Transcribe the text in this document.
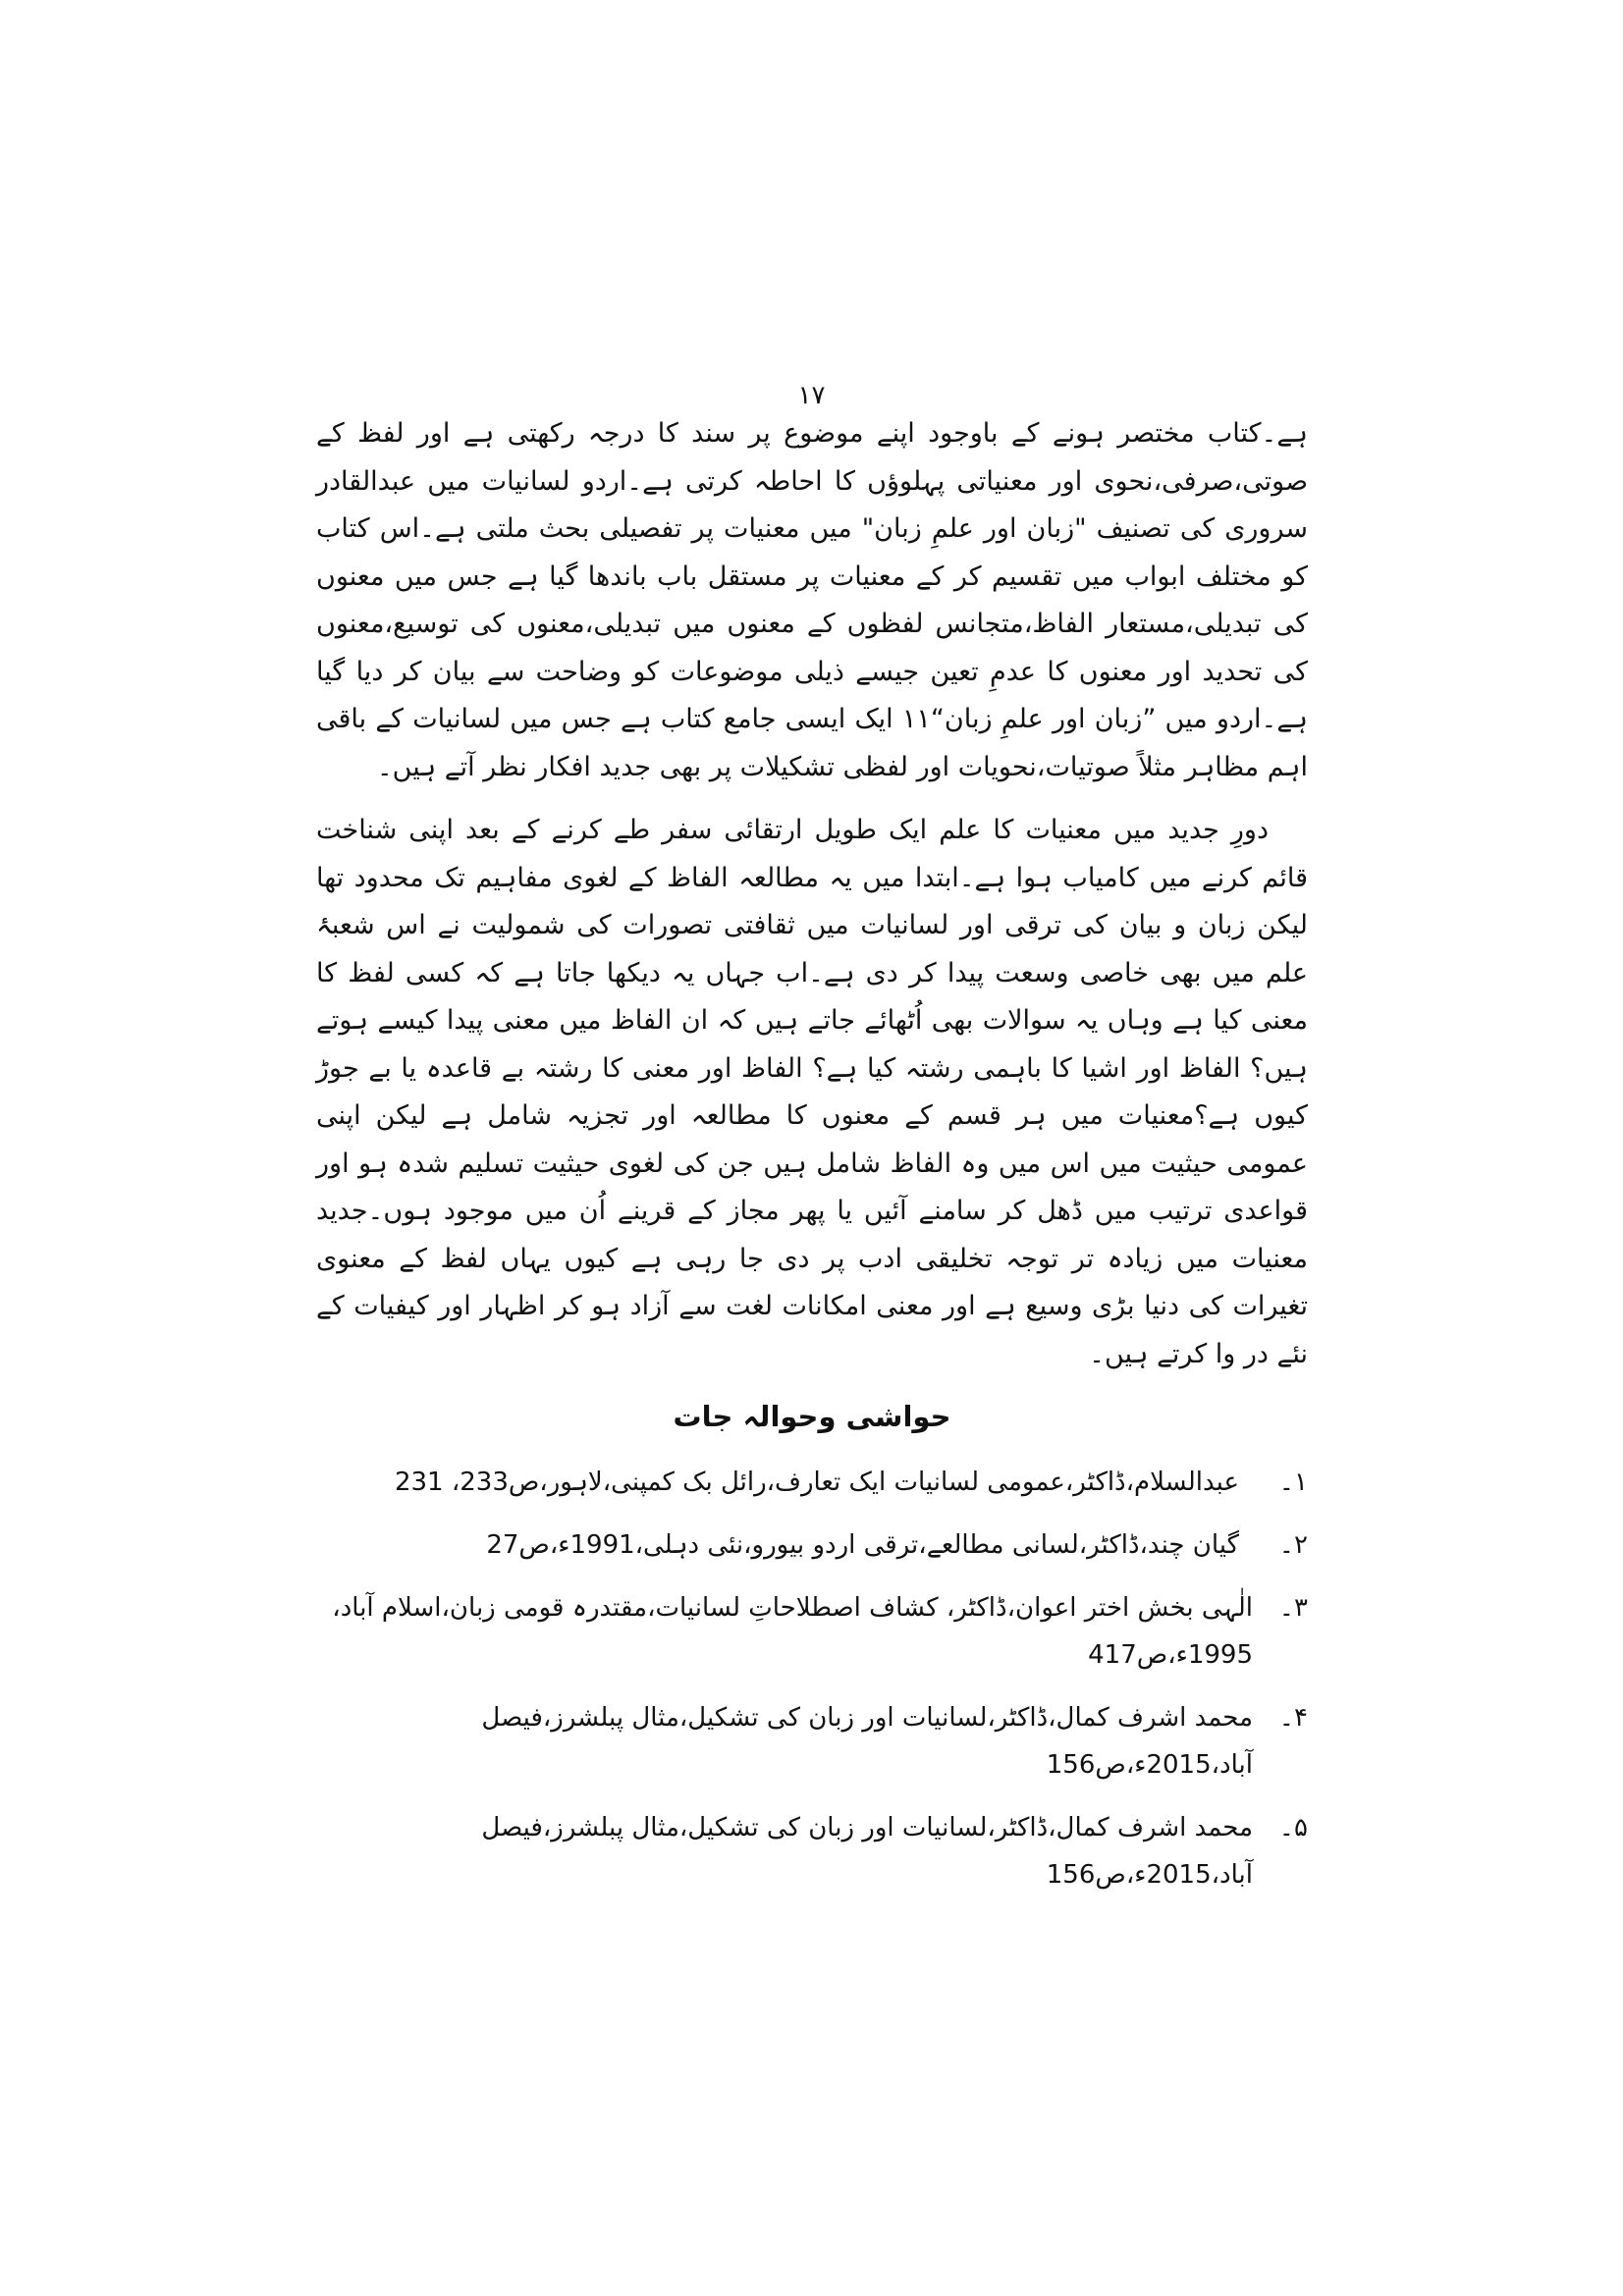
۱۷

ہے۔کتاب مختصر ہونے کے باوجود اپنے موضوع پر سند کا درجہ رکھتی ہے اور لفظ کے صوتی،صرفی،نحوی اور معنیاتی پہلوؤں کا احاطہ کرتی ہے۔اردو لسانیات میں عبدالقادر سروری کی تصنیف "زبان اور علمِ زبان" میں معنیات پر تفصیلی بحث ملتی ہے۔اس کتاب کو مختلف ابواب میں تقسیم کر کے معنیات پر مستقل باب باندھا گیا ہے جس میں معنوں کی تبدیلی،مستعار الفاظ،متجانس لفظوں کے معنوں میں تبدیلی،معنوں کی توسیع،معنوں کی تحدید اور معنوں کا عدمِ تعین جیسے ذیلی موضوعات کو وضاحت سے بیان کر دیا گیا ہے۔اردو میں ”زبان اور علمِ زبان“۱۱ ایک ایسی جامع کتاب ہے جس میں لسانیات کے باقی اہم مظاہر مثلاً صوتیات،نحویات اور لفظی تشکیلات پر بھی جدید افکار نظر آتے ہیں۔

دورِ جدید میں معنیات کا علم ایک طویل ارتقائی سفر طے کرنے کے بعد اپنی شناخت قائم کرنے میں کامیاب ہوا ہے۔ابتدا میں یہ مطالعہ الفاظ کے لغوی مفاہیم تک محدود تھا لیکن زبان و بیان کی ترقی اور لسانیات میں ثقافتی تصورات کی شمولیت نے اس شعبۂ علم میں بھی خاصی وسعت پیدا کر دی ہے۔اب جہاں یہ دیکھا جاتا ہے کہ کسی لفظ کا معنی کیا ہے وہاں یہ سوالات بھی اُٹھائے جاتے ہیں کہ ان الفاظ میں معنی پیدا کیسے ہوتے ہیں؟ الفاظ اور اشیا کا باہمی رشتہ کیا ہے؟ الفاظ اور معنی کا رشتہ بے قاعدہ یا بے جوڑ کیوں ہے؟معنیات میں ہر قسم کے معنوں کا مطالعہ اور تجزیہ شامل ہے لیکن اپنی عمومی حیثیت میں اس میں وہ الفاظ شامل ہیں جن کی لغوی حیثیت تسلیم شدہ ہو اور قواعدی ترتیب میں ڈھل کر سامنے آئیں یا پھر مجاز کے قرینے اُن میں موجود ہوں۔جدید معنیات میں زیادہ تر توجہ تخلیقی ادب پر دی جا رہی ہے کیوں یہاں لفظ کے معنوی تغیرات کی دنیا بڑی وسیع ہے اور معنی امکانات لغت سے آزاد ہو کر اظہار اور کیفیات کے نئے در وا کرتے ہیں۔

حواشی وحوالہ جات
۱۔
عبدالسلام،ڈاکٹر،عمومی لسانیات ایک تعارف،رائل بک کمپنی،لاہور،ص233، 231
۲۔
گیان چند،ڈاکٹر،لسانی مطالعے،ترقی اردو بیورو،نئی دہلی،1991ء،ص27
۳۔
الٰہی بخش اختر اعوان،ڈاکٹر، کشاف اصطلاحاتِ لسانیات،مقتدرہ قومی زبان،اسلام آباد، 1995ء،ص417
۴۔
محمد اشرف کمال،ڈاکٹر،لسانیات اور زبان کی تشکیل،مثال پبلشرز،فیصل آباد،2015ء،ص156
۵۔
محمد اشرف کمال،ڈاکٹر،لسانیات اور زبان کی تشکیل،مثال پبلشرز،فیصل آباد،2015ء،ص156
